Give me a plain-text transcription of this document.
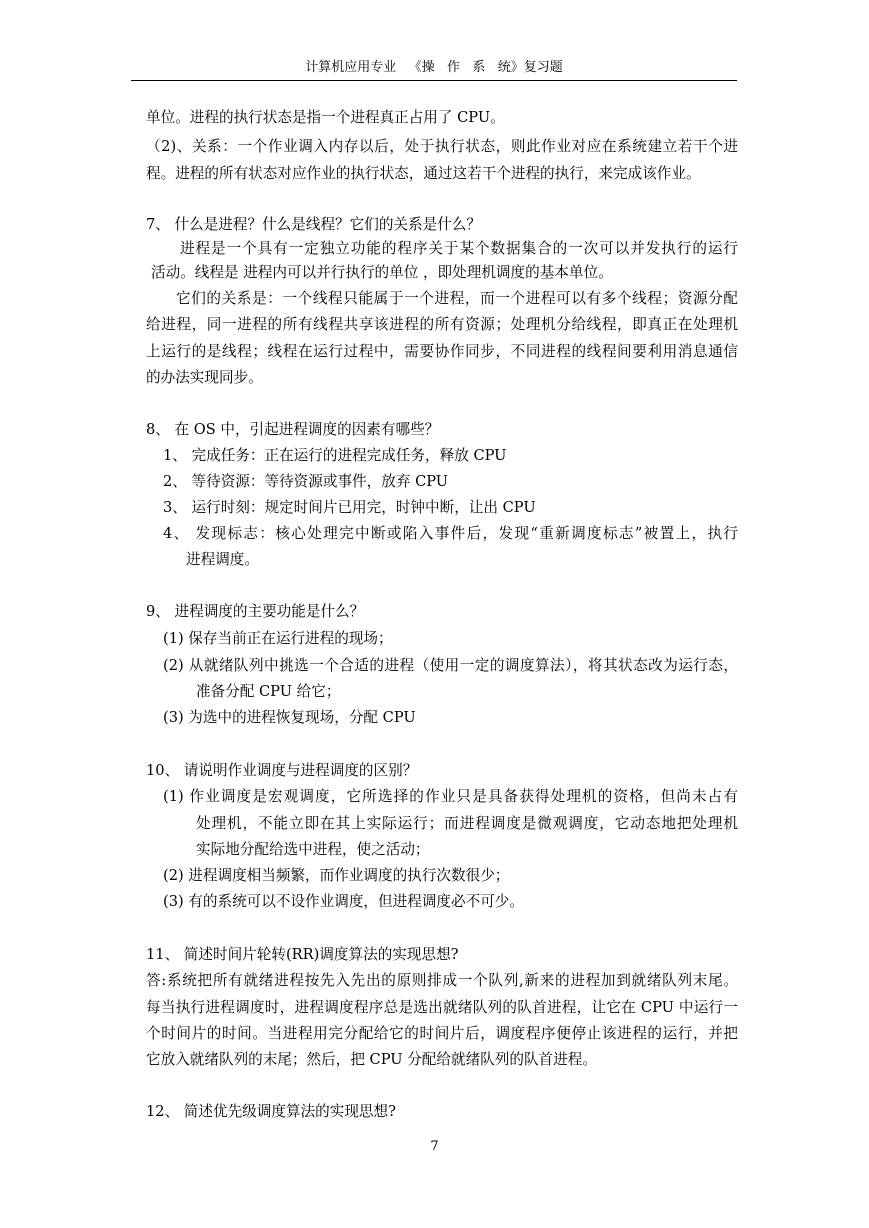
计算机应用专业   《操   作   系   统》复习题
单位。进程的执行状态是指一个进程真正占用了 CPU。
（2)、关系：一个作业调入内存以后，处于执行状态，则此作业对应在系统建立若干个进
程。进程的所有状态对应作业的执行状态，通过这若干个进程的执行，来完成该作业。
7、 什么是进程？什么是线程？它们的关系是什么？
进程是一个具有一定独立功能的程序关于某个数据集合的一次可以并发执行的运行
活动。线程是 进程内可以并行执行的单位 ，即处理机调度的基本单位。
它们的关系是：一个线程只能属于一个进程，而一个进程可以有多个线程；资源分配
给进程，同一进程的所有线程共享该进程的所有资源；处理机分给线程，即真正在处理机
上运行的是线程；线程在运行过程中，需要协作同步，不同进程的线程间要利用消息通信
的办法实现同步。
8、 在 OS 中，引起进程调度的因素有哪些？
1、 完成任务：正在运行的进程完成任务，释放 CPU
2、 等待资源：等待资源或事件，放弃 CPU
3、 运行时刻：规定时间片已用完，时钟中断，让出 CPU
4、 发现标志：核心处理完中断或陷入事件后，发现“重新调度标志”被置上，执行
进程调度。
9、 进程调度的主要功能是什么？
(1) 保存当前正在运行进程的现场；
(2) 从就绪队列中挑选一个合适的进程（使用一定的调度算法），将其状态改为运行态，
准备分配 CPU 给它；
(3) 为选中的进程恢复现场，分配 CPU
10、 请说明作业调度与进程调度的区别？
(1) 作业调度是宏观调度，它所选择的作业只是具备获得处理机的资格，但尚未占有
处理机，不能立即在其上实际运行；而进程调度是微观调度，它动态地把处理机
实际地分配给选中进程，使之活动；
(2) 进程调度相当频繁，而作业调度的执行次数很少；
(3) 有的系统可以不设作业调度，但进程调度必不可少。
11、 简述时间片轮转(RR)调度算法的实现思想?
答:系统把所有就绪进程按先入先出的原则排成一个队列,新来的进程加到就绪队列末尾。
每当执行进程调度时，进程调度程序总是选出就绪队列的队首进程，让它在 CPU 中运行一
个时间片的时间。当进程用完分配给它的时间片后，调度程序便停止该进程的运行，并把
它放入就绪队列的末尾；然后，把 CPU 分配给就绪队列的队首进程。
12、 简述优先级调度算法的实现思想?
7
